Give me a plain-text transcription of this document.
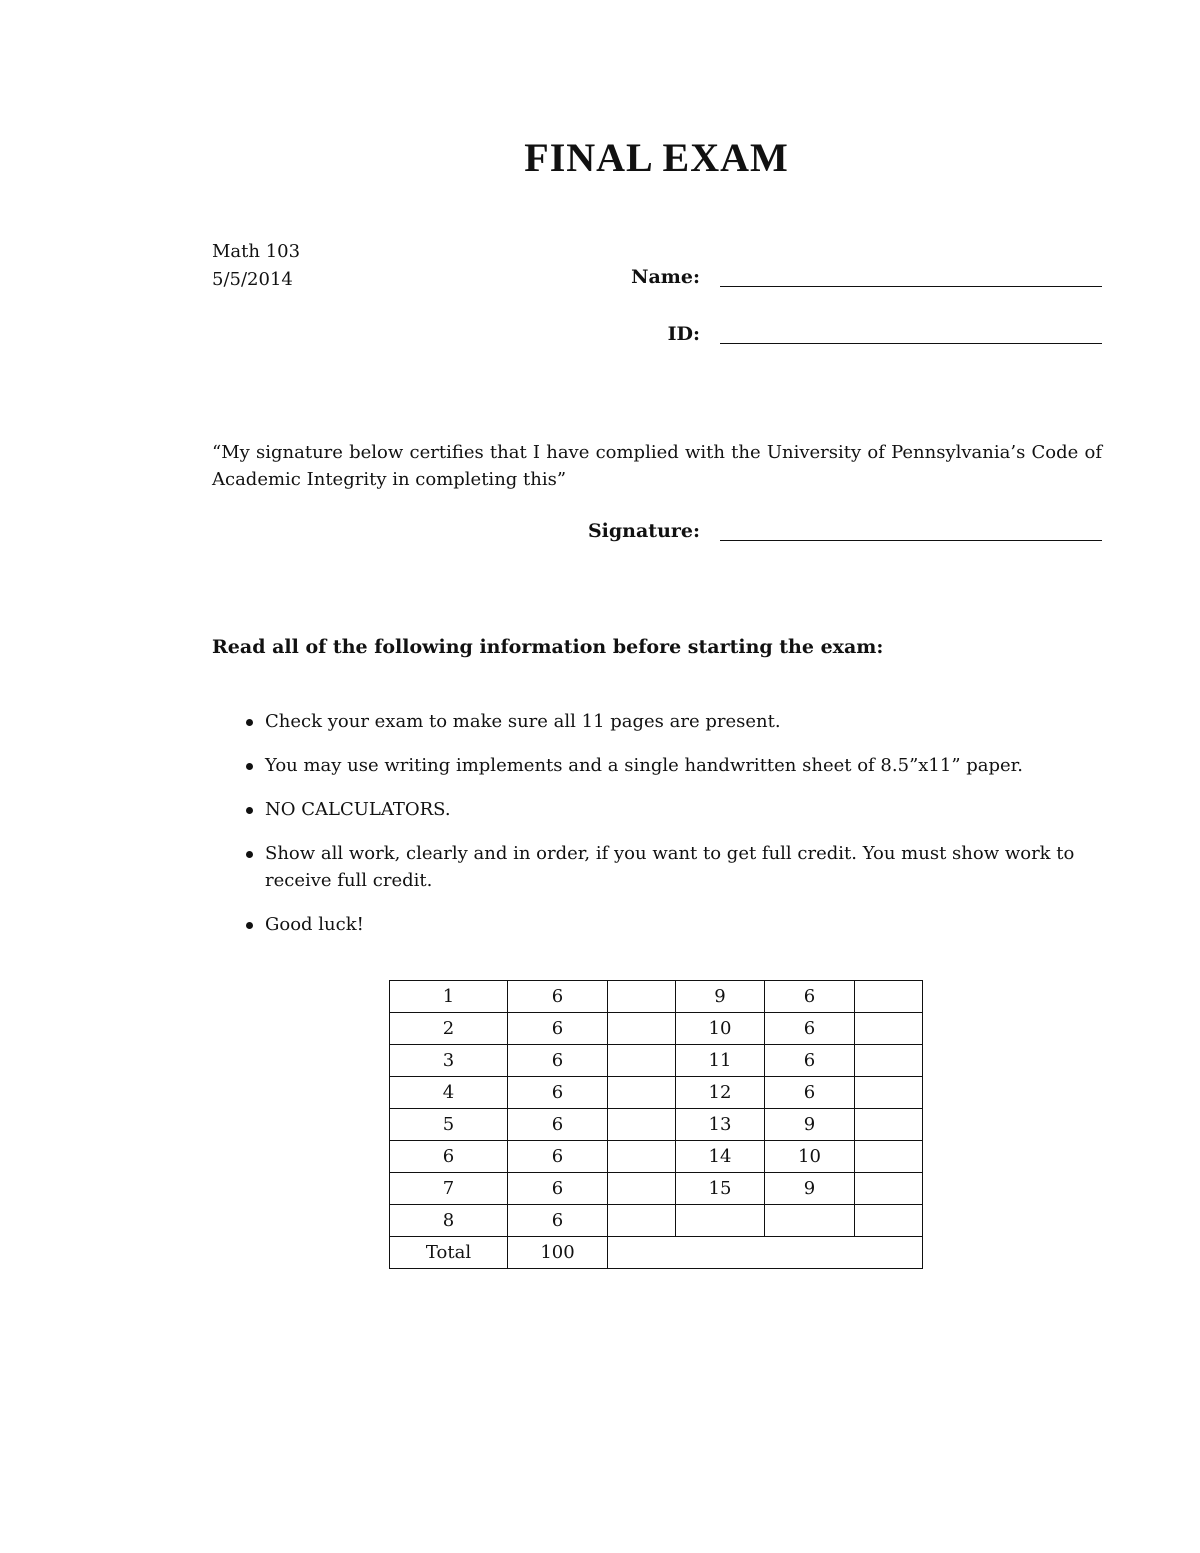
FINAL EXAM
Math 103
5/5/2014	Name:
ID:
“My signature below certifies that I have complied with the University of Pennsylvania’s Code of Academic Integrity in completing this”
Signature:
Read all of the following information before starting the exam:
Check your exam to make sure all 11 pages are present.
You may use writing implements and a single handwritten sheet of 8.5”x11” paper.
NO CALCULATORS.
Show all work, clearly and in order, if you want to get full credit. You must show work to receive full credit.
Good luck!
1	6		9	6	
2	6		10	6	
3	6		11	6	
4	6		12	6	
5	6		13	9	
6	6		14	10	
7	6		15	9	
8	6				
Total	100				
